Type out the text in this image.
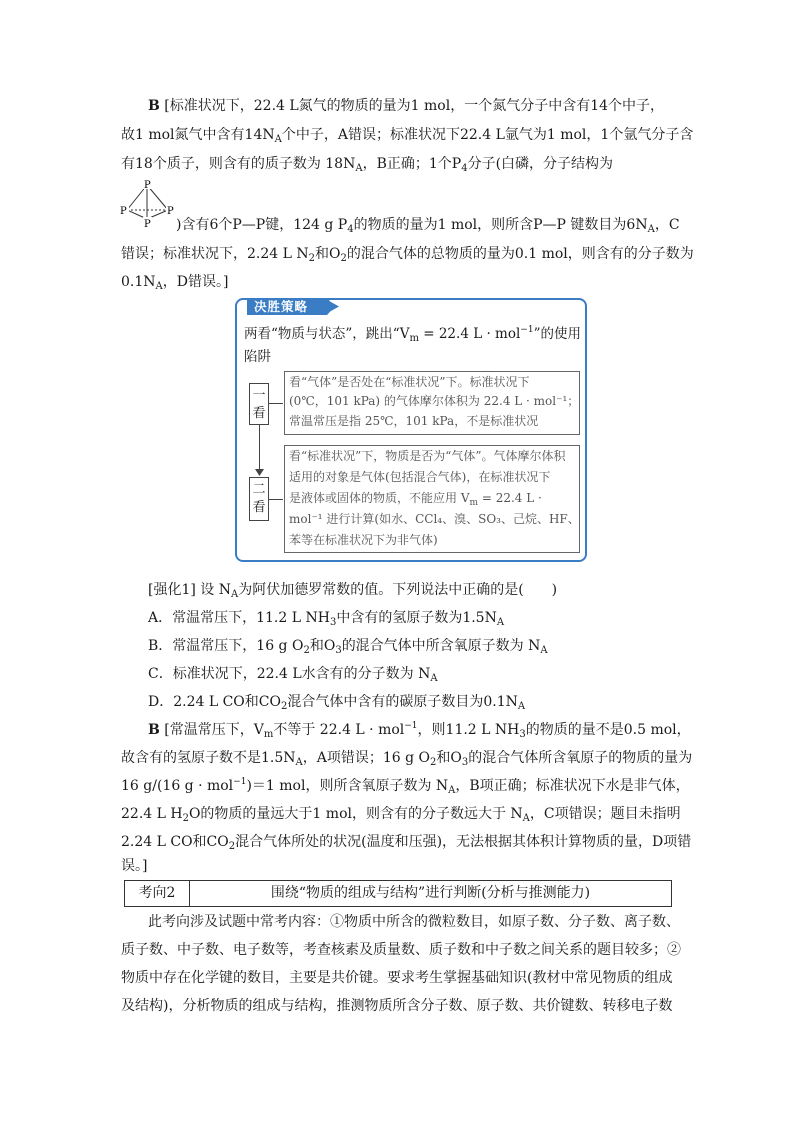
B [标准状况下，22.4 L氮气的物质的量为1 mol，一个氮气分子中含有14个中子，
故1 mol氮气中含有$14N_A$个中子，A错误；标准状况下22.4 L氩气为1 mol，1个氩气分子含
有18个质子，则含有的质子数为 $18N_A$，B正确；1个$P_4$分子(白磷，分子结构为
P
P	P
P )含有6个P—P键，124 g $P_4$的物质的量为1 mol，则所含P—P 键数目为$6N_A$，C
错误；标准状况下，2.24 L $N_2$和$O_2$的混合气体的总物质的量为0.1 mol，则含有的分子数为
$0.1N_A$，D错误。]
决胜策略
两看“物质与状态”，跳出“$V_m = 22.4$ L · mol$^{-1}$”的使用
陷阱
一
看
看“气体”是否处在“标准状况”下。标准状况下
(0℃，101 kPa) 的气体摩尔体积为 22.4 L · mol⁻¹；
常温常压是指 25℃，101 kPa，不是标准状况
二
看
看“标准状况”下，物质是否为“气体”。气体摩尔体积
适用的对象是气体(包括混合气体)，在标准状况下
是液体或固体的物质，不能应用 $V_m = 22.4$ L ·
mol⁻¹ 进行计算(如水、CCl₄、溴、SO₃、己烷、HF、
苯等在标准状况下为非气体)
[强化1] 设 $N_A$为阿伏加德罗常数的值。下列说法中正确的是(　　)
A．常温常压下，11.2 L $NH_3$中含有的氢原子数为$1.5N_A$
B．常温常压下，16 g $O_2$和$O_3$的混合气体中所含氧原子数为 $N_A$
C．标准状况下，22.4 L水含有的分子数为 $N_A$
D．2.24 L CO和$CO_2$混合气体中含有的碳原子数目为$0.1N_A$
B [常温常压下，$V_m$不等于 22.4 L · mol$^{-1}$，则11.2 L $NH_3$的物质的量不是0.5 mol，
故含有的氢原子数不是$1.5N_A$，A项错误；16 g $O_2$和$O_3$的混合气体所含氧原子的物质的量为
16 g/(16 g · mol$^{-1}$)＝1 mol，则所含氧原子数为 $N_A$，B项正确；标准状况下水是非气体，
22.4 L $H_2O$的物质的量远大于1 mol，则含有的分子数远大于 $N_A$，C项错误；题目未指明
2.24 L CO和$CO_2$混合气体所处的状况(温度和压强)，无法根据其体积计算物质的量，D项错
误。]
考向2	围绕“物质的组成与结构”进行判断(分析与推测能力)
此考向涉及试题中常考内容：①物质中所含的微粒数目，如原子数、分子数、离子数、
质子数、中子数、电子数等，考查核素及质量数、质子数和中子数之间关系的题目较多；②
物质中存在化学键的数目，主要是共价键。要求考生掌握基础知识(教材中常见物质的组成
及结构)，分析物质的组成与结构，推测物质所含分子数、原子数、共价键数、转移电子数
